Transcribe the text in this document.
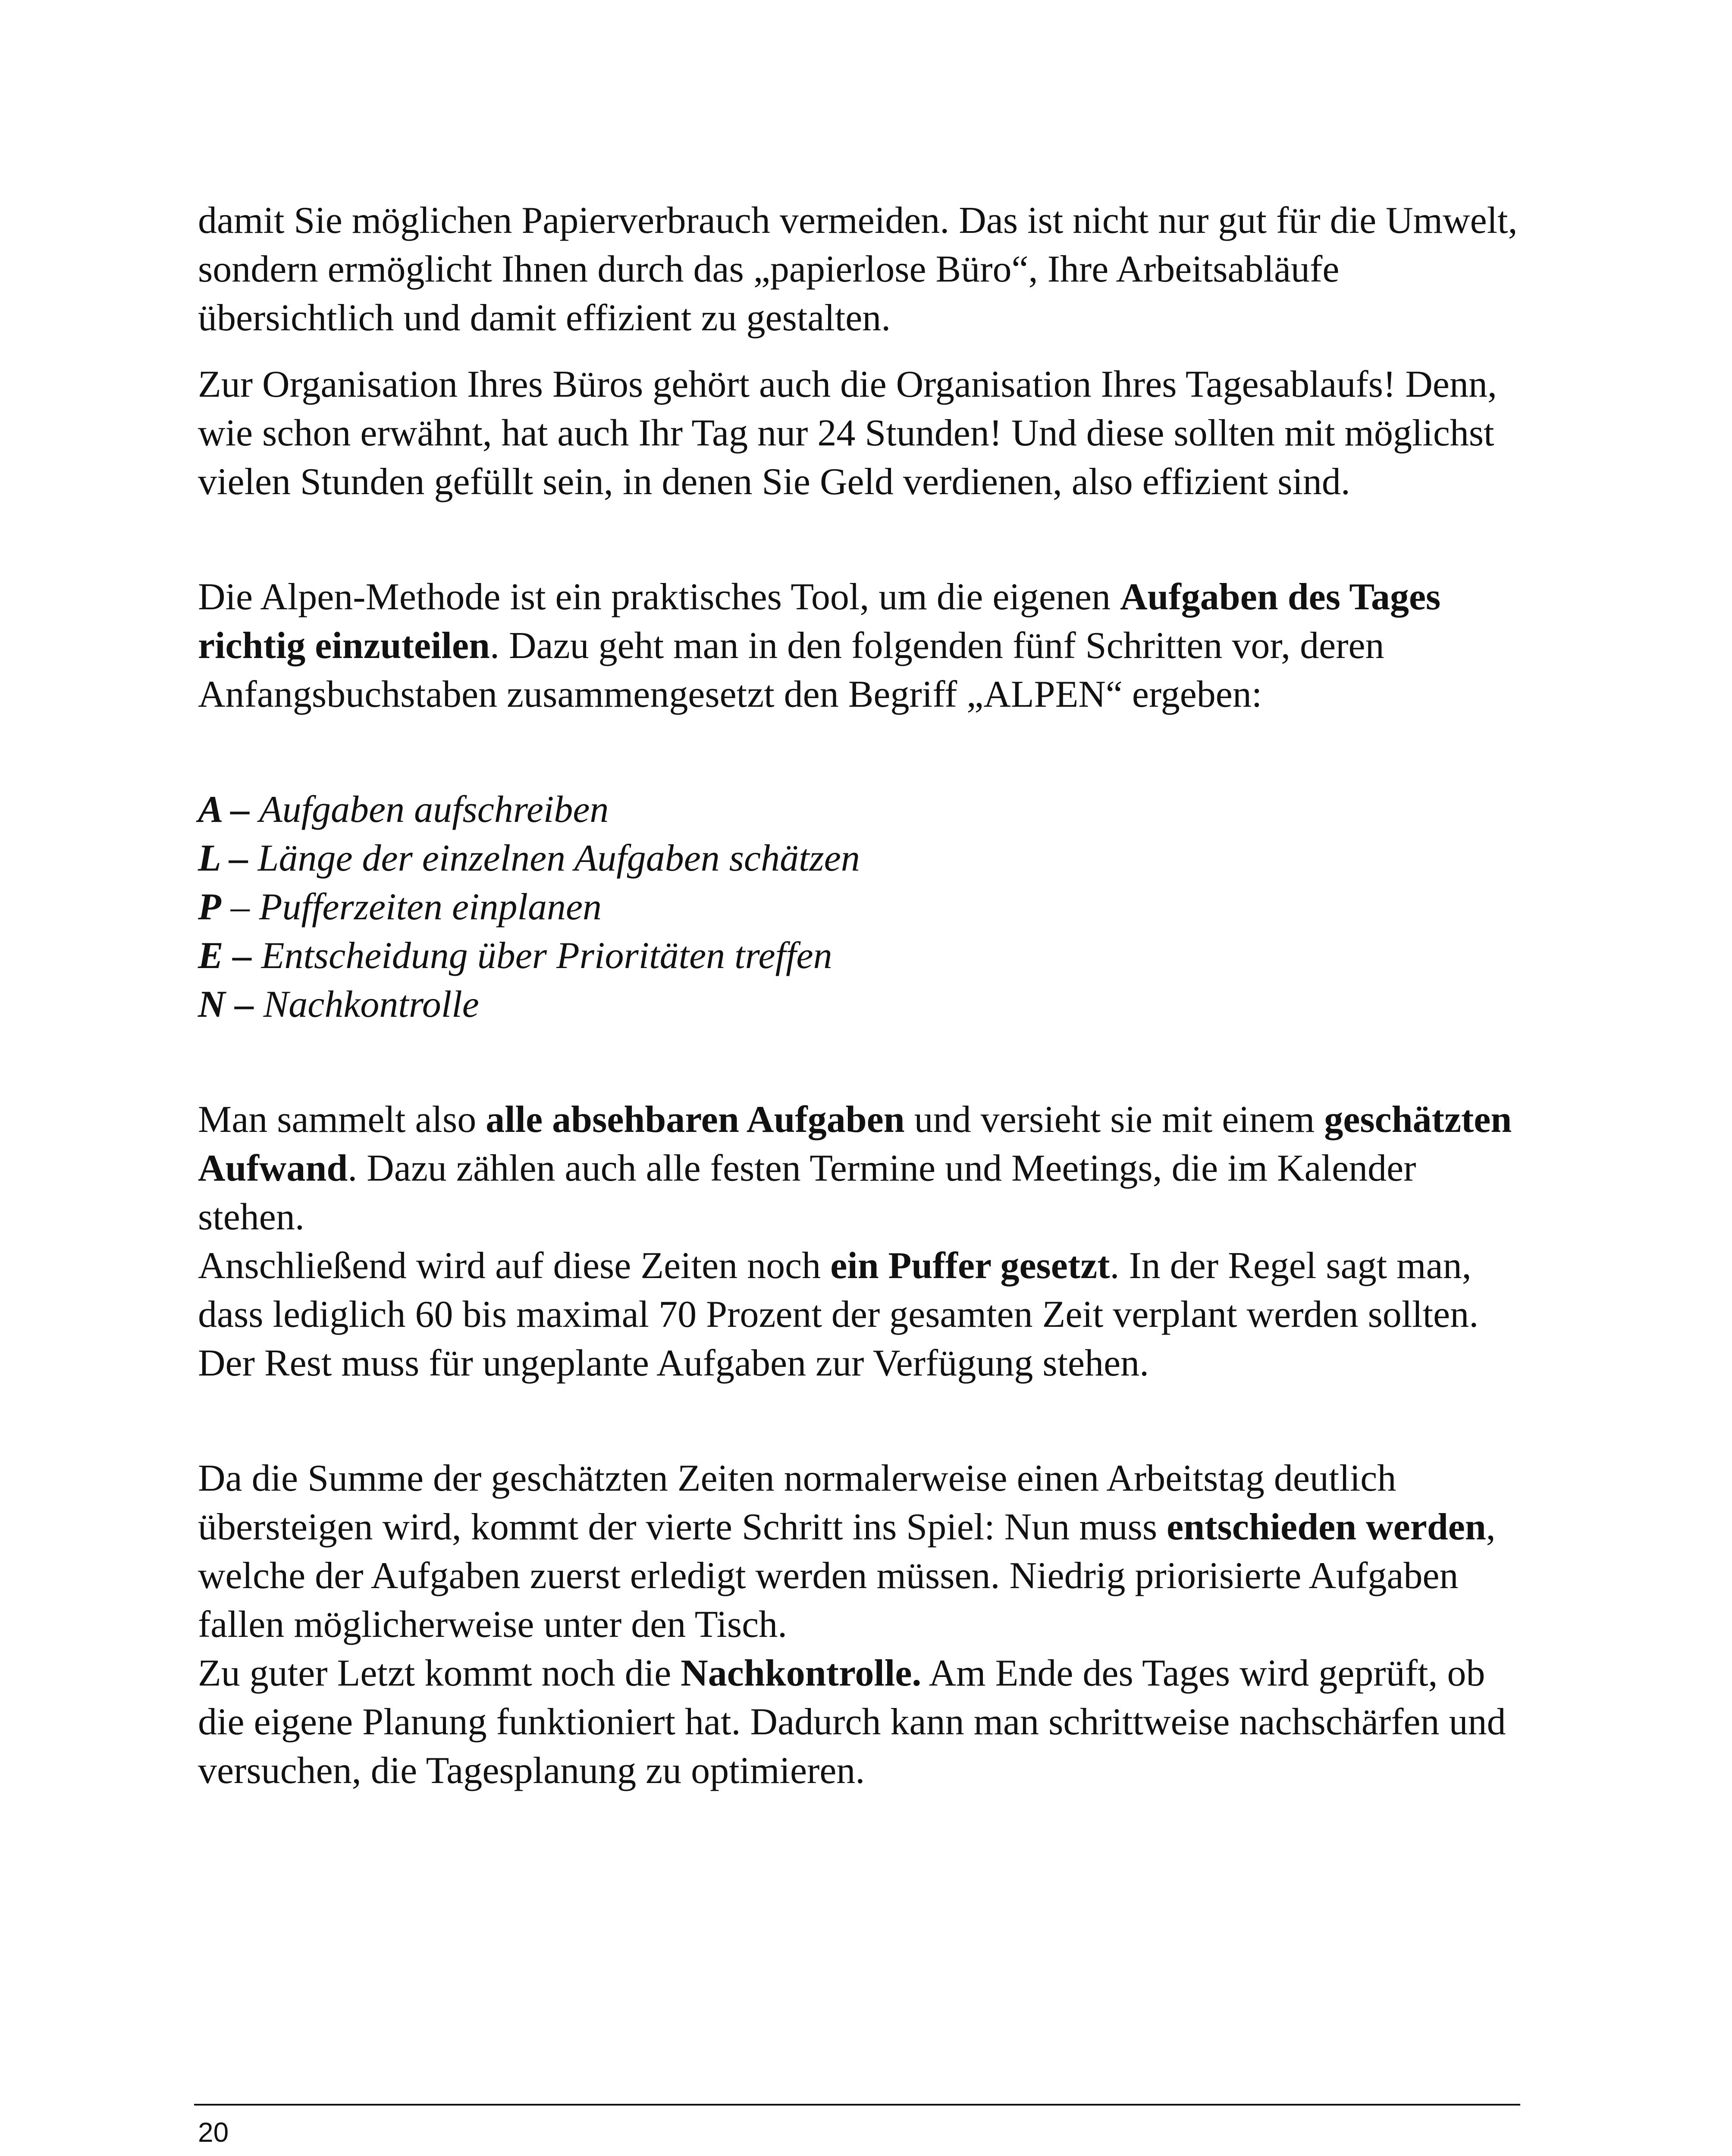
damit Sie möglichen Papierverbrauch vermeiden. Das ist nicht nur gut für die Umwelt, sondern ermöglicht Ihnen durch das „papierlose Büro“, Ihre Arbeitsabläufe übersichtlich und damit effizient zu gestalten.

Zur Organisation Ihres Büros gehört auch die Organisation Ihres Tagesablaufs! Denn, wie schon erwähnt, hat auch Ihr Tag nur 24 Stunden! Und diese sollten mit möglichst vielen Stunden gefüllt sein, in denen Sie Geld verdienen, also effizient sind.

Die Alpen-Methode ist ein praktisches Tool, um die eigenen Aufgaben des Tages richtig einzuteilen. Dazu geht man in den folgenden fünf Schritten vor, deren Anfangsbuchstaben zusammengesetzt den Begriff „ALPEN“ ergeben:

A – Aufgaben aufschreiben
L – Länge der einzelnen Aufgaben schätzen
P – Pufferzeiten einplanen
E – Entscheidung über Prioritäten treffen
N – Nachkontrolle

Man sammelt also alle absehbaren Aufgaben und versieht sie mit einem geschätzten Aufwand. Dazu zählen auch alle festen Termine und Meetings, die im Kalender stehen.

Anschließend wird auf diese Zeiten noch ein Puffer gesetzt. In der Regel sagt man, dass lediglich 60 bis maximal 70 Prozent der gesamten Zeit verplant werden sollten. Der Rest muss für ungeplante Aufgaben zur Verfügung stehen.

Da die Summe der geschätzten Zeiten normalerweise einen Arbeitstag deutlich übersteigen wird, kommt der vierte Schritt ins Spiel: Nun muss entschieden werden, welche der Aufgaben zuerst erledigt werden müssen. Niedrig priorisierte Aufgaben fallen möglicherweise unter den Tisch.

Zu guter Letzt kommt noch die Nachkontrolle. Am Ende des Tages wird geprüft, ob die eigene Planung funktioniert hat. Dadurch kann man schrittweise nachschärfen und versuchen, die Tagesplanung zu optimieren.

20
